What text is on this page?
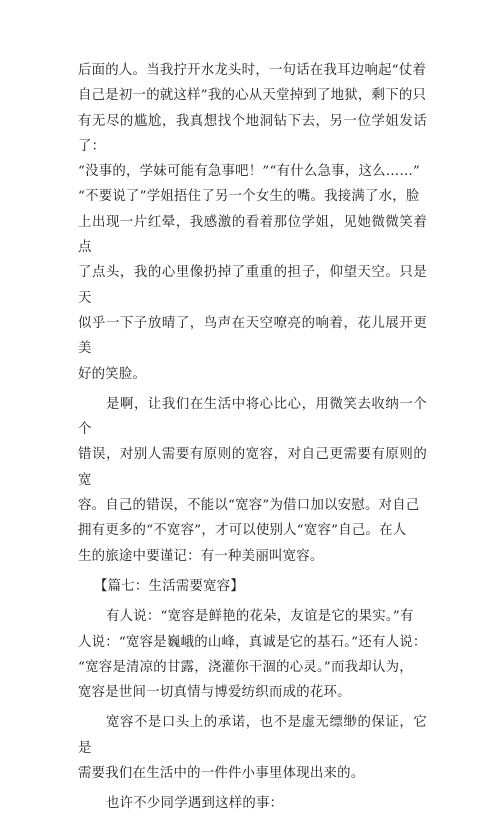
后面的人。当我拧开水龙头时，一句话在我耳边响起“仗着

自己是初一的就这样”我的心从天堂掉到了地狱，剩下的只

有无尽的尴尬，我真想找个地洞钻下去，另一位学姐发话了：

“没事的，学妹可能有急事吧！”“有什么急事，这么……”

“不要说了”学姐捂住了另一个女生的嘴。我接满了水，脸

上出现一片红晕，我感激的看着那位学姐，见她微微笑着点

了点头，我的心里像扔掉了重重的担子，仰望天空。只是天

似乎一下子放晴了，鸟声在天空嘹亮的响着，花儿展开更美

好的笑脸。

是啊，让我们在生活中将心比心，用微笑去收纳一个个

错误，对别人需要有原则的宽容，对自己更需要有原则的宽

容。自己的错误，不能以“宽容”为借口加以安慰。对自己

拥有更多的“不宽容”，才可以使别人“宽容”自己。在人

生的旅途中要谨记：有一种美丽叫宽容。

【篇七：生活需要宽容】

有人说：“宽容是鲜艳的花朵，友谊是它的果实。”有

人说：“宽容是巍峨的山峰，真诚是它的基石。”还有人说：

“宽容是清凉的甘露，浇灌你干涸的心灵。”而我却认为，

宽容是世间一切真情与博爱纺织而成的花环。

宽容不是口头上的承诺，也不是虚无缥缈的保证，它是

需要我们在生活中的一件件小事里体现出来的。

也许不少同学遇到这样的事：
